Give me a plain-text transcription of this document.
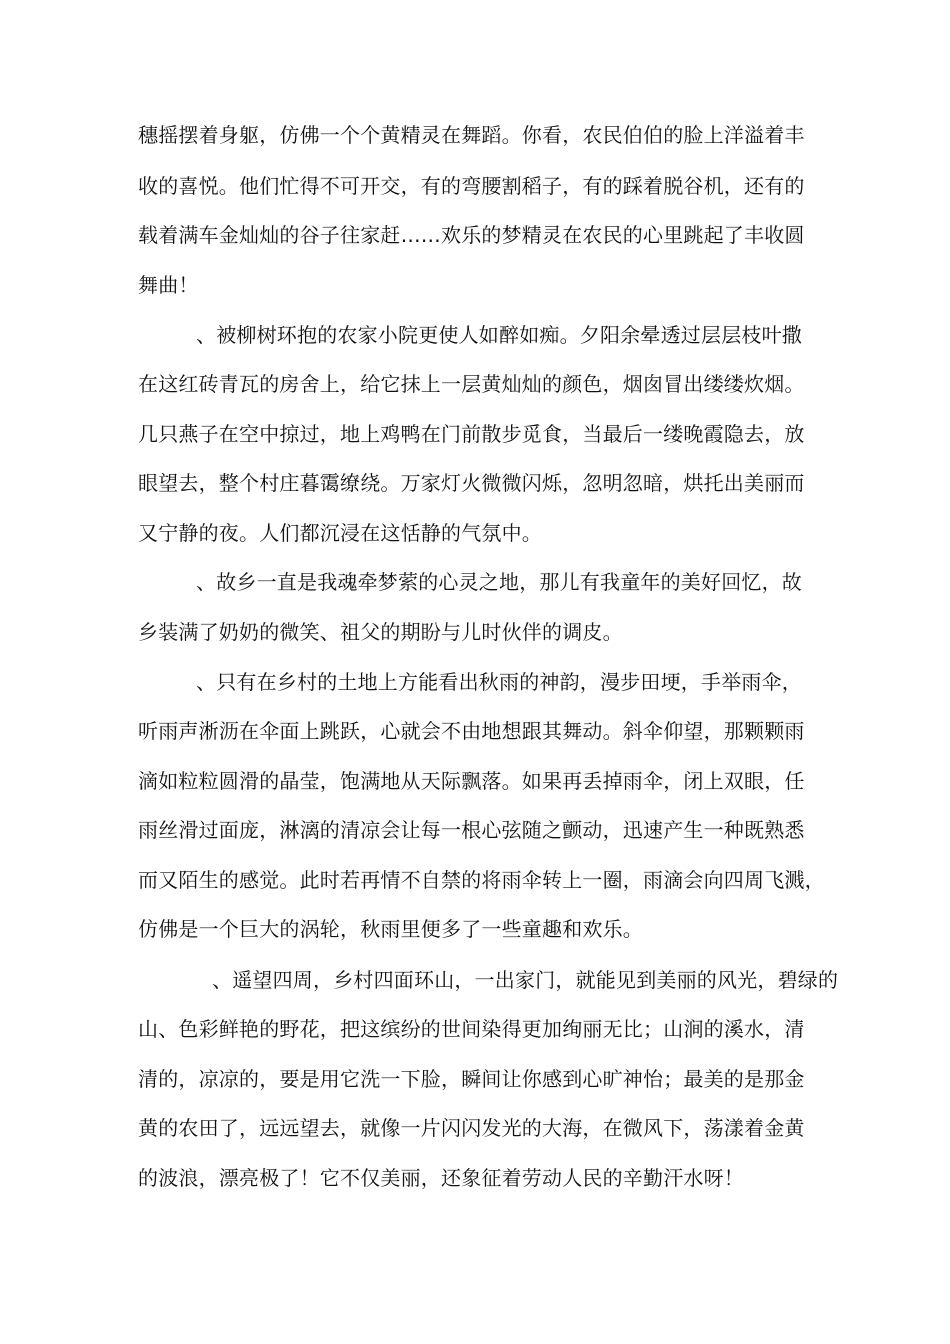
穗摇摆着身躯，仿佛一个个黄精灵在舞蹈。你看，农民伯伯的脸上洋溢着丰
收的喜悦。他们忙得不可开交，有的弯腰割稻子，有的踩着脱谷机，还有的
载着满车金灿灿的谷子往家赶……欢乐的梦精灵在农民的心里跳起了丰收圆
舞曲！
、被柳树环抱的农家小院更使人如醉如痴。夕阳余晕透过层层枝叶撒
在这红砖青瓦的房舍上，给它抹上一层黄灿灿的颜色，烟囱冒出缕缕炊烟。
几只燕子在空中掠过，地上鸡鸭在门前散步觅食，当最后一缕晚霞隐去，放
眼望去，整个村庄暮霭缭绕。万家灯火微微闪烁，忽明忽暗，烘托出美丽而
又宁静的夜。人们都沉浸在这恬静的气氛中。
、故乡一直是我魂牵梦萦的心灵之地，那儿有我童年的美好回忆，故
乡装满了奶奶的微笑、祖父的期盼与儿时伙伴的调皮。
、只有在乡村的土地上方能看出秋雨的神韵，漫步田埂，手举雨伞，
听雨声淅沥在伞面上跳跃，心就会不由地想跟其舞动。斜伞仰望，那颗颗雨
滴如粒粒圆滑的晶莹，饱满地从天际飘落。如果再丢掉雨伞，闭上双眼，任
雨丝滑过面庞，淋漓的清凉会让每一根心弦随之颤动，迅速产生一种既熟悉
而又陌生的感觉。此时若再情不自禁的将雨伞转上一圈，雨滴会向四周飞溅，
仿佛是一个巨大的涡轮，秋雨里便多了一些童趣和欢乐。
、遥望四周，乡村四面环山，一出家门，就能见到美丽的风光，碧绿的
山、色彩鲜艳的野花，把这缤纷的世间染得更加绚丽无比；山涧的溪水，清
清的，凉凉的，要是用它洗一下脸，瞬间让你感到心旷神怡；最美的是那金
黄的农田了，远远望去，就像一片闪闪发光的大海，在微风下，荡漾着金黄
的波浪，漂亮极了！它不仅美丽，还象征着劳动人民的辛勤汗水呀！
